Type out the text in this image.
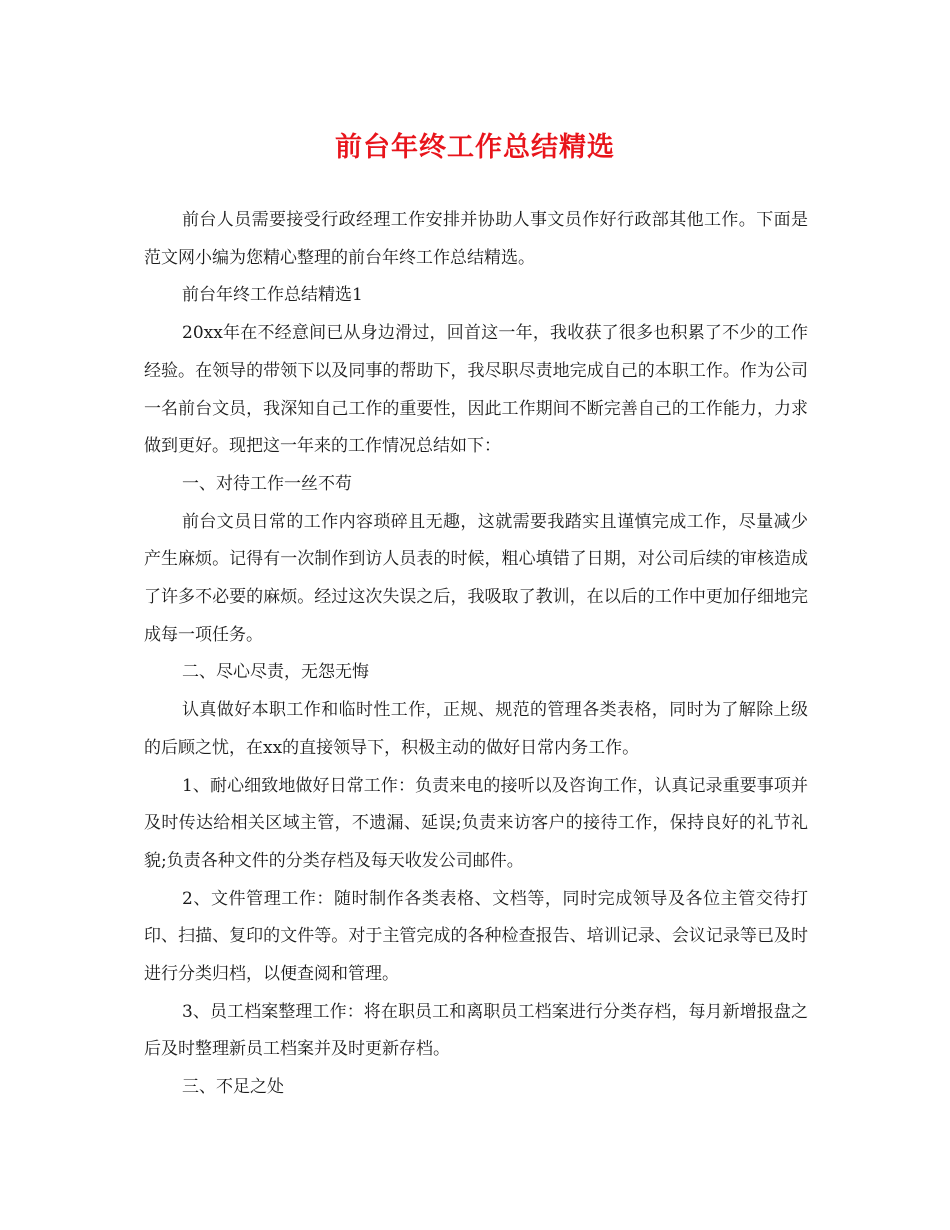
前台年终工作总结精选

前台人员需要接受行政经理工作安排并协助人事文员作好行政部其他工作。下面是范文网小编为您精心整理的前台年终工作总结精选。

前台年终工作总结精选1

20xx年在不经意间已从身边滑过，回首这一年，我收获了很多也积累了不少的工作经验。在领导的带领下以及同事的帮助下，我尽职尽责地完成自己的本职工作。作为公司一名前台文员，我深知自己工作的重要性，因此工作期间不断完善自己的工作能力，力求做到更好。现把这一年来的工作情况总结如下：

一、对待工作一丝不苟

前台文员日常的工作内容琐碎且无趣，这就需要我踏实且谨慎完成工作，尽量减少产生麻烦。记得有一次制作到访人员表的时候，粗心填错了日期，对公司后续的审核造成了许多不必要的麻烦。经过这次失误之后，我吸取了教训，在以后的工作中更加仔细地完成每一项任务。

二、尽心尽责，无怨无悔

认真做好本职工作和临时性工作，正规、规范的管理各类表格，同时为了解除上级的后顾之忧，在xx的直接领导下，积极主动的做好日常内务工作。

1、耐心细致地做好日常工作：负责来电的接听以及咨询工作，认真记录重要事项并及时传达给相关区域主管，不遗漏、延误;负责来访客户的接待工作，保持良好的礼节礼貌;负责各种文件的分类存档及每天收发公司邮件。

2、文件管理工作：随时制作各类表格、文档等，同时完成领导及各位主管交待打印、扫描、复印的文件等。对于主管完成的各种检查报告、培训记录、会议记录等已及时进行分类归档，以便查阅和管理。

3、员工档案整理工作：将在职员工和离职员工档案进行分类存档，每月新增报盘之后及时整理新员工档案并及时更新存档。

三、不足之处
